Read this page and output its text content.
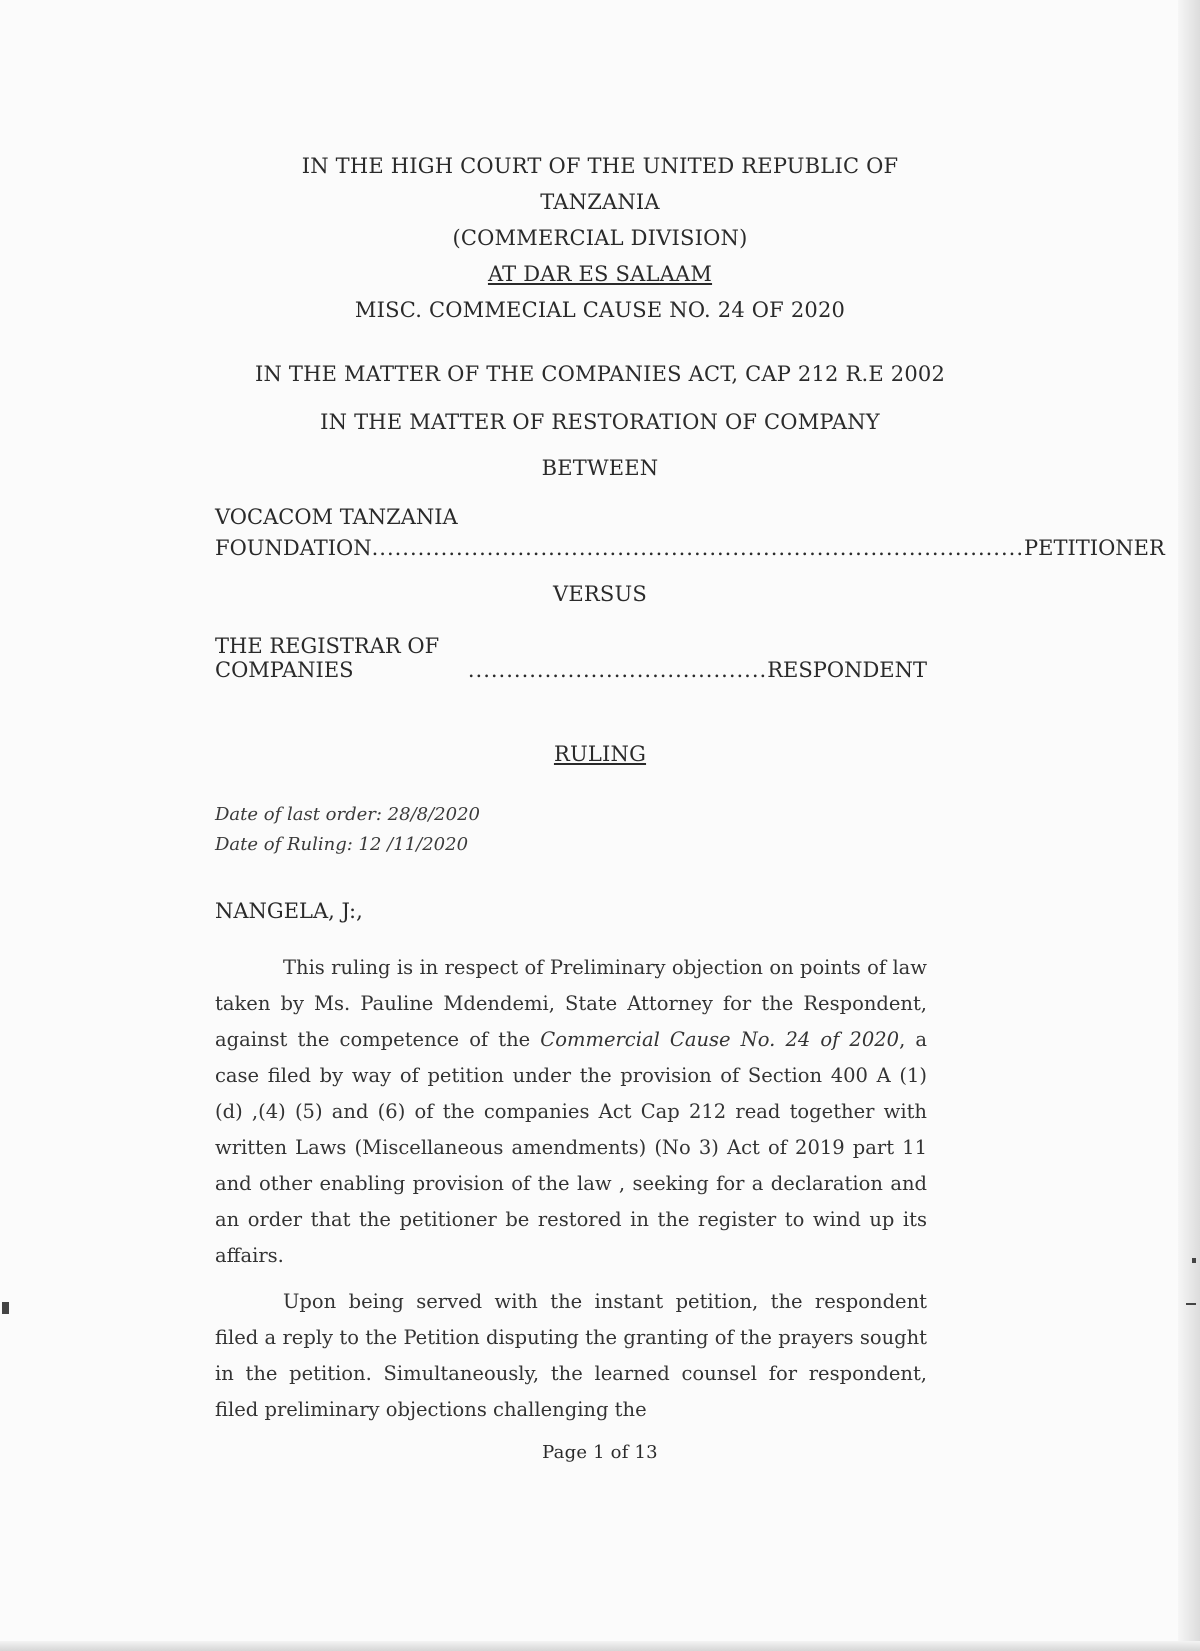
IN THE HIGH COURT OF THE UNITED REPUBLIC OF
TANZANIA
(COMMERCIAL DIVISION)
AT DAR ES SALAAM
MISC. COMMECIAL CAUSE NO. 24 OF 2020
IN THE MATTER OF THE COMPANIES ACT, CAP 212 R.E 2002
IN THE MATTER OF RESTORATION OF COMPANY
BETWEEN
VOCACOM TANZANIA
FOUNDATION ..................................................................................... PETITIONER
VERSUS
THE REGISTRAR OF COMPANIES	....................................... RESPONDENT
RULING
Date of last order: 28/8/2020
Date of Ruling: 12 /11/2020
NANGELA, J:,

This ruling is in respect of Preliminary objection on points of law taken by Ms. Pauline Mdendemi, State Attorney for the Respondent, against the competence of the Commercial Cause No. 24 of 2020, a case filed by way of petition under the provision of Section 400 A (1) (d) ,(4) (5) and (6) of the companies Act Cap 212 read together with written Laws (Miscellaneous amendments) (No 3) Act of 2019 part 11 and other enabling provision of the law , seeking for a declaration and an order that the petitioner be restored in the register to wind up its affairs.

Upon being served with the instant petition, the respondent filed a reply to the Petition disputing the granting of the prayers sought in the petition. Simultaneously, the learned counsel for respondent, filed preliminary objections challenging the

Page 1 of 13
